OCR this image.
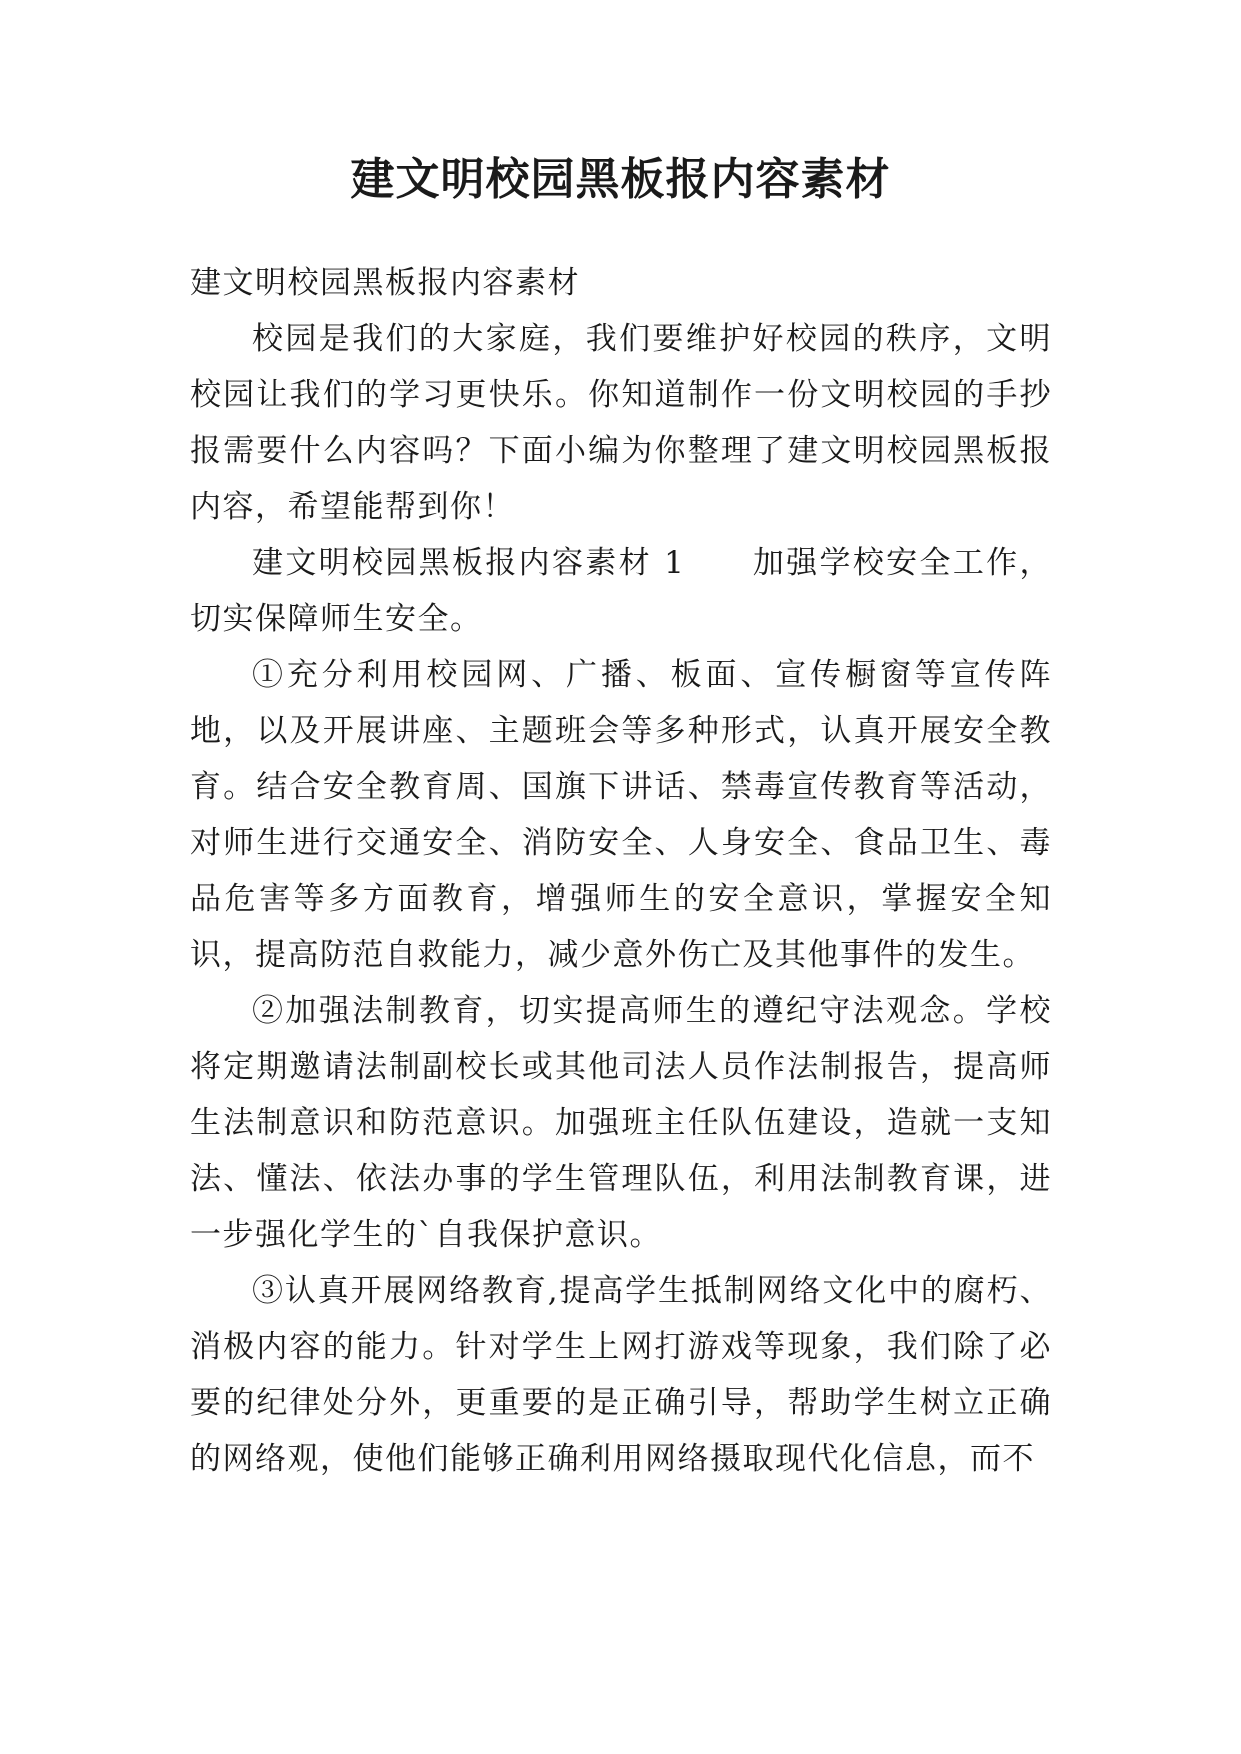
建文明校园黑板报内容素材

建文明校园黑板报内容素材

校园是我们的大家庭，我们要维护好校园的秩序，文明校园让我们的学习更快乐。你知道制作一份文明校园的手抄报需要什么内容吗？下面小编为你整理了建文明校园黑板报内容，希望能帮到你！

建文明校园黑板报内容素材 1　　加强学校安全工作，切实保障师生安全。

①充分利用校园网、广播、板面、宣传橱窗等宣传阵地，以及开展讲座、主题班会等多种形式，认真开展安全教育。结合安全教育周、国旗下讲话、禁毒宣传教育等活动，对师生进行交通安全、消防安全、人身安全、食品卫生、毒品危害等多方面教育，增强师生的安全意识，掌握安全知识，提高防范自救能力，减少意外伤亡及其他事件的发生。

②加强法制教育，切实提高师生的遵纪守法观念。学校将定期邀请法制副校长或其他司法人员作法制报告，提高师生法制意识和防范意识。加强班主任队伍建设，造就一支知法、懂法、依法办事的学生管理队伍，利用法制教育课，进一步强化学生的`自我保护意识。

③认真开展网络教育,提高学生抵制网络文化中的腐朽、消极内容的能力。针对学生上网打游戏等现象，我们除了必要的纪律处分外，更重要的是正确引导，帮助学生树立正确的网络观，使他们能够正确利用网络摄取现代化信息，而不
